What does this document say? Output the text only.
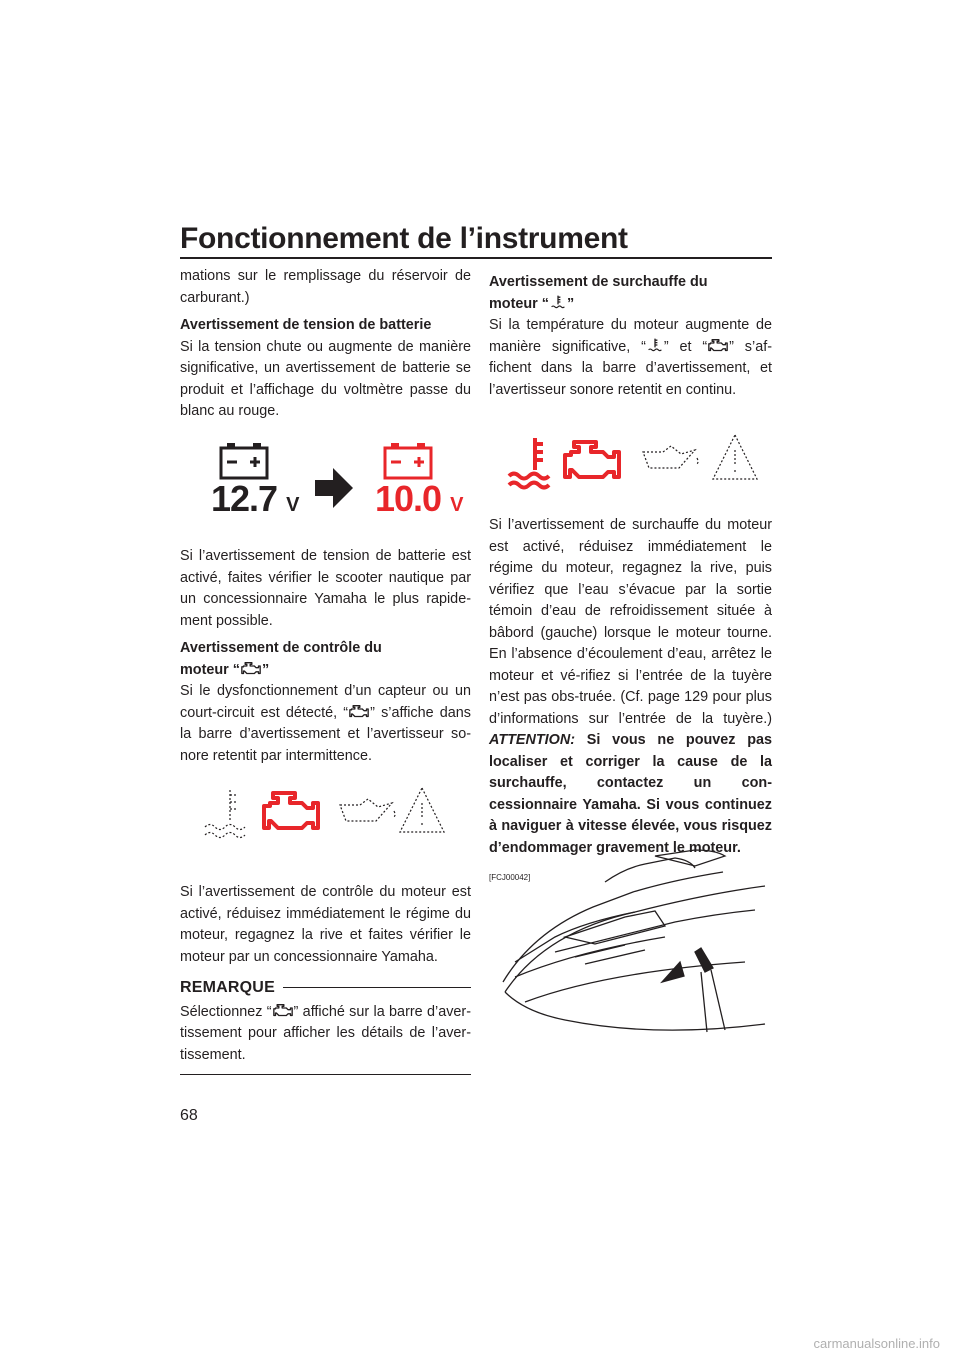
Fonctionnement de l’instrument

mations sur le remplissage du réservoir de carburant.)

Avertissement de tension de batterie

Si la tension chute ou augmente de manière significative, un avertissement de batterie se produit et l’affichage du voltmètre passe du blanc au rouge.

12.7 V 10.0 V

Si l’avertissement de tension de batterie est activé, faites vérifier le scooter nautique par un concessionnaire Yamaha le plus rapide-ment possible.

Avertissement de contrôle du

moteur “ ”

Si le dysfonctionnement d’un capteur ou un court-circuit est détecté, “ ” s’affiche dans la barre d’avertissement et l’avertisseur so-nore retentit par intermittence.

Si l’avertissement de contrôle du moteur est activé, réduisez immédiatement le régime du moteur, regagnez la rive et faites vérifier le moteur par un concessionnaire Yamaha.

REMARQUE

Sélectionnez “ ” affiché sur la barre d’aver-tissement pour afficher les détails de l’aver-tissement.

68

Avertissement de surchauffe du

moteur “ ”

Si la température du moteur augmente de manière significative, “ ” et “ ” s’af-fichent dans la barre d’avertissement, et l’avertisseur sonore retentit en continu.

Si l’avertissement de surchauffe du moteur est activé, réduisez immédiatement le régime du moteur, regagnez la rive, puis vérifiez que l’eau s’évacue par la sortie témoin d’eau de refroidissement située à bâbord (gauche) lorsque le moteur tourne. En l’absence d’écoulement d’eau, arrêtez le moteur et vé-rifiez si l’entrée de la tuyère n’est pas obs-truée. (Cf. page 129 pour plus d’informations sur l’entrée de la tuyère.) ATTENTION: Si vous ne pouvez pas localiser et corriger la cause de la surchauffe, contactez un con-cessionnaire Yamaha. Si vous continuez à naviguer à vitesse élevée, vous risquez d’endommager gravement le moteur.

[FCJ00042]

carmanualsonline.info
